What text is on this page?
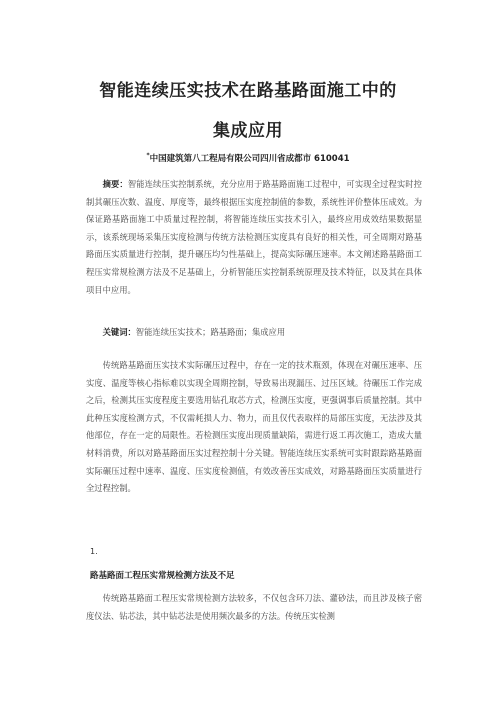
智能连续压实技术在路基路面施工中的
集成应用
*中国建筑第八工程局有限公司四川省成都市 610041
摘要：智能连续压实控制系统，充分应用于路基路面施工过程中，可实现全过程实时控制其碾压次数、温度、厚度等，最终根据压实度控制值的参数，系统性评价整体压成效。为保证路基路面施工中质量过程控制，将智能连续压实技术引入，最终应用成效结果数据显示，该系统现场采集压实度检测与传统方法检测压实度具有良好的相关性，可全周期对路基路面压实质量进行控制，提升碾压均匀性基础上，提高实际碾压速率。本文阐述路基路面工程压实常规检测方法及不足基础上，分析智能压实控制系统原理及技术特征，以及其在具体项目中应用。
关键词：智能连续压实技术；路基路面；集成应用
传统路基路面压实技术实际碾压过程中，存在一定的技术瓶颈，体现在对碾压速率、压实度、温度等核心指标难以实现全周期控制，导致易出现漏压、过压区域。待碾压工作完成之后，检测其压实度程度主要选用钻孔取芯方式，检测压实度，更强调事后质量控制。其中此种压实度检测方式，不仅需耗损人力、物力，而且仅代表取样的局部压实度，无法涉及其他部位，存在一定的局限性。若检测压实度出现质量缺陷，需进行返工再次施工，造成大量材料消费，所以对路基路面压实过程控制十分关键。智能连续压实系统可实时跟踪路基路面实际碾压过程中速率、温度、压实度检测值，有效改善压实成效，对路基路面压实质量进行全过程控制。
1.
路基路面工程压实常规检测方法及不足
传统路基路面工程压实常规检测方法较多，不仅包含环刀法、灌砂法，而且涉及核子密度仪法、钻芯法，其中钻芯法是使用频次最多的方法。传统压实检测
